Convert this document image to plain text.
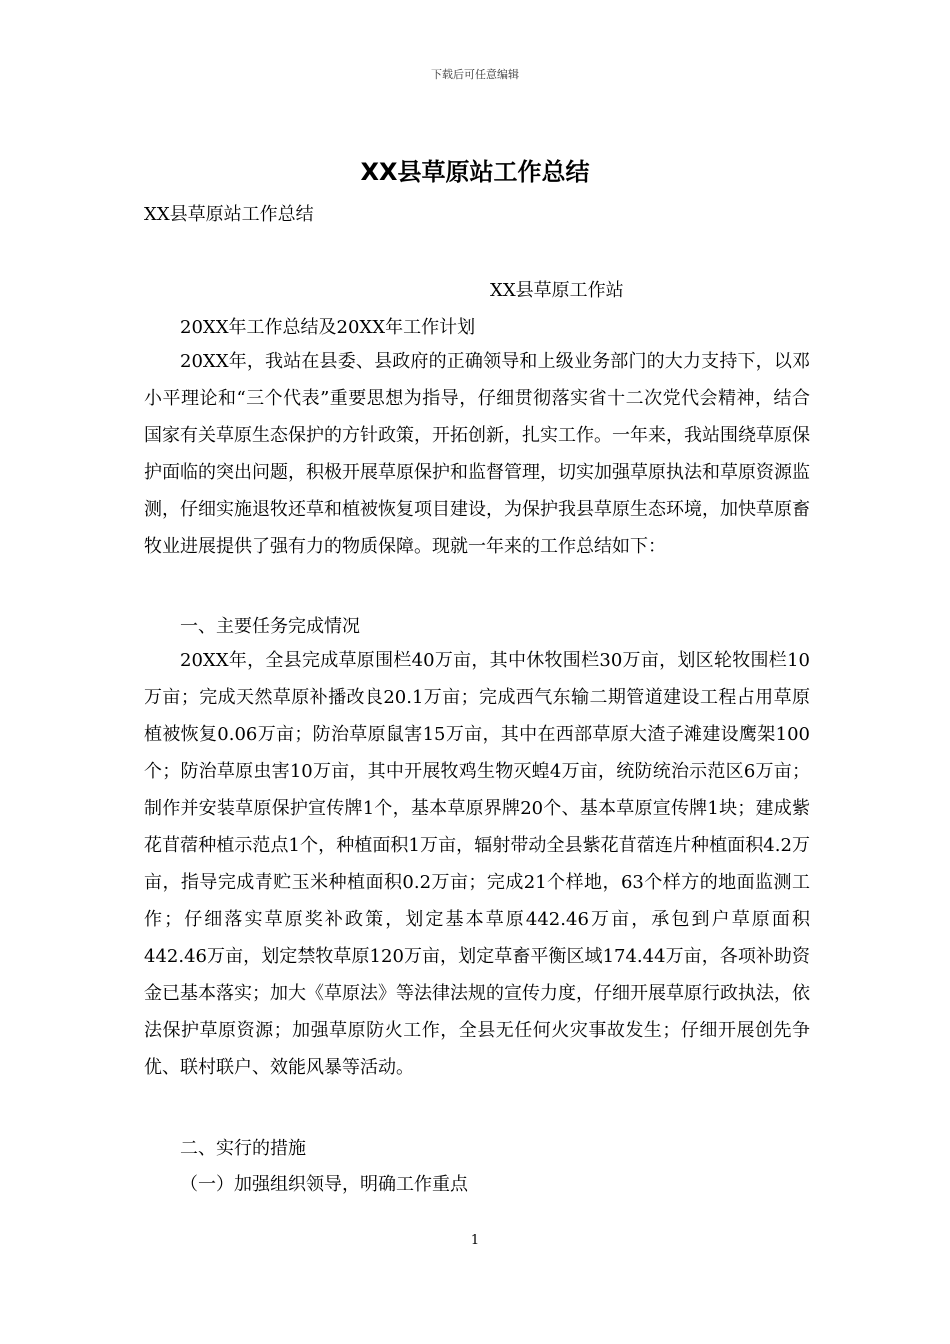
下载后可任意编辑
XX县草原站工作总结
XX县草原站工作总结
XX县草原工作站
20XX年工作总结及20XX年工作计划
20XX年，我站在县委、县政府的正确领导和上级业务部门的大力支持下，以邓小平理论和“三个代表”重要思想为指导，仔细贯彻落实省十二次党代会精神，结合国家有关草原生态保护的方针政策，开拓创新，扎实工作。一年来，我站围绕草原保护面临的突出问题，积极开展草原保护和监督管理，切实加强草原执法和草原资源监测，仔细实施退牧还草和植被恢复项目建设，为保护我县草原生态环境，加快草原畜牧业进展提供了强有力的物质保障。现就一年来的工作总结如下：
一、主要任务完成情况
20XX年，全县完成草原围栏40万亩，其中休牧围栏30万亩，划区轮牧围栏10万亩；完成天然草原补播改良20.1万亩；完成西气东输二期管道建设工程占用草原植被恢复0.06万亩；防治草原鼠害15万亩，其中在西部草原大渣子滩建设鹰架100个；防治草原虫害10万亩，其中开展牧鸡生物灭蝗4万亩，统防统治示范区6万亩；制作并安装草原保护宣传牌1个，基本草原界牌20个、基本草原宣传牌1块；建成紫花苜蓿种植示范点1个，种植面积1万亩，辐射带动全县紫花苜蓿连片种植面积4.2万亩，指导完成青贮玉米种植面积0.2万亩；完成21个样地，63个样方的地面监测工作；仔细落实草原奖补政策，划定基本草原442.46万亩，承包到户草原面积 442.46万亩，划定禁牧草原120万亩，划定草畜平衡区域174.44万亩，各项补助资金已基本落实；加大《草原法》等法律法规的宣传力度，仔细开展草原行政执法，依法保护草原资源；加强草原防火工作，全县无任何火灾事故发生；仔细开展创先争优、联村联户、效能风暴等活动。
二、实行的措施
（一）加强组织领导，明确工作重点
1
